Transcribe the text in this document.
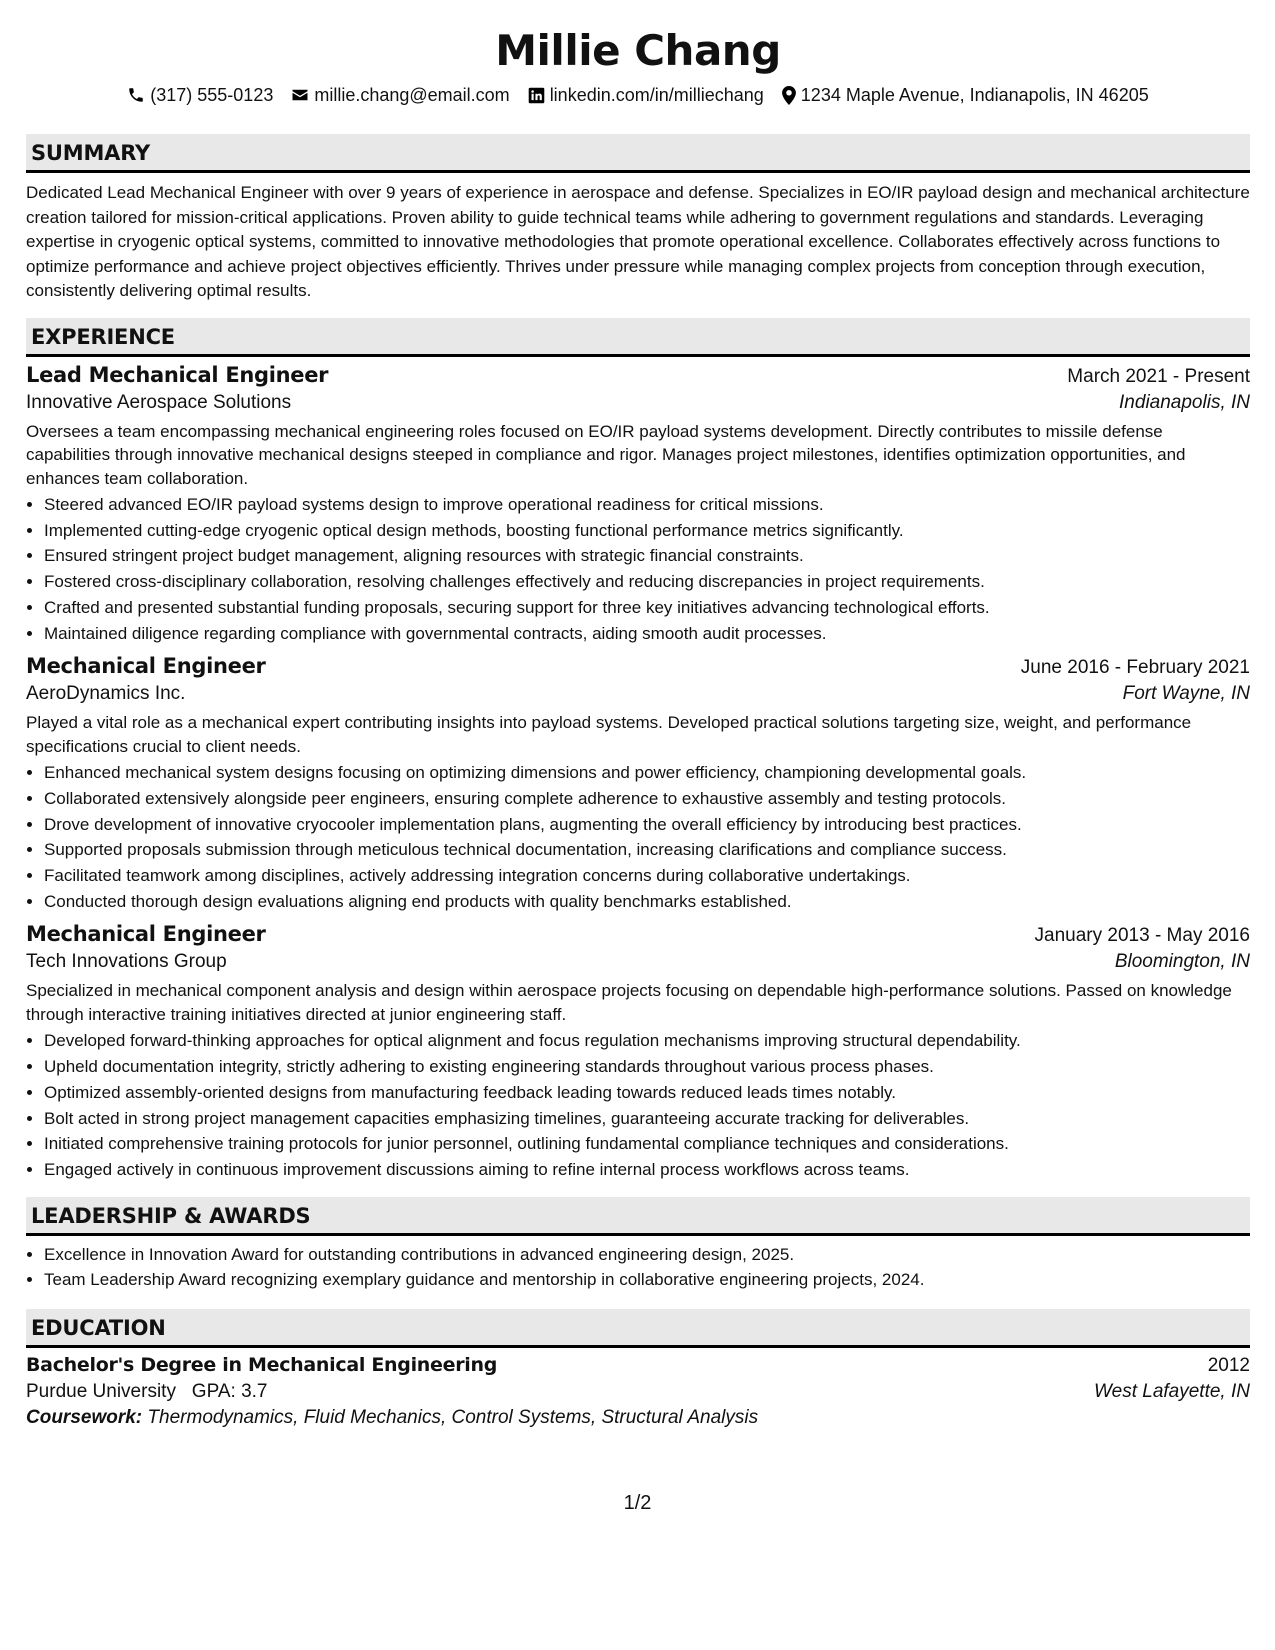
Millie Chang
(317) 555-0123 millie.chang@email.com linkedin.com/in/milliechang 1234 Maple Avenue, Indianapolis, IN 46205
SUMMARY
Dedicated Lead Mechanical Engineer with over 9 years of experience in aerospace and defense. Specializes in EO/IR payload design and mechanical architecture creation tailored for mission-critical applications. Proven ability to guide technical teams while adhering to government regulations and standards. Leveraging expertise in cryogenic optical systems, committed to innovative methodologies that promote operational excellence. Collaborates effectively across functions to optimize performance and achieve project objectives efficiently. Thrives under pressure while managing complex projects from conception through execution, consistently delivering optimal results.
EXPERIENCE
Lead Mechanical Engineer	March 2021 - Present
Innovative Aerospace Solutions	Indianapolis, IN
Oversees a team encompassing mechanical engineering roles focused on EO/IR payload systems development. Directly contributes to missile defense capabilities through innovative mechanical designs steeped in compliance and rigor. Manages project milestones, identifies optimization opportunities, and enhances team collaboration.
• Steered advanced EO/IR payload systems design to improve operational readiness for critical missions.
• Implemented cutting-edge cryogenic optical design methods, boosting functional performance metrics significantly.
• Ensured stringent project budget management, aligning resources with strategic financial constraints.
• Fostered cross-disciplinary collaboration, resolving challenges effectively and reducing discrepancies in project requirements.
• Crafted and presented substantial funding proposals, securing support for three key initiatives advancing technological efforts.
• Maintained diligence regarding compliance with governmental contracts, aiding smooth audit processes.
Mechanical Engineer	June 2016 - February 2021
AeroDynamics Inc.	Fort Wayne, IN
Played a vital role as a mechanical expert contributing insights into payload systems. Developed practical solutions targeting size, weight, and performance specifications crucial to client needs.
• Enhanced mechanical system designs focusing on optimizing dimensions and power efficiency, championing developmental goals.
• Collaborated extensively alongside peer engineers, ensuring complete adherence to exhaustive assembly and testing protocols.
• Drove development of innovative cryocooler implementation plans, augmenting the overall efficiency by introducing best practices.
• Supported proposals submission through meticulous technical documentation, increasing clarifications and compliance success.
• Facilitated teamwork among disciplines, actively addressing integration concerns during collaborative undertakings.
• Conducted thorough design evaluations aligning end products with quality benchmarks established.
Mechanical Engineer	January 2013 - May 2016
Tech Innovations Group	Bloomington, IN
Specialized in mechanical component analysis and design within aerospace projects focusing on dependable high-performance solutions. Passed on knowledge through interactive training initiatives directed at junior engineering staff.
• Developed forward-thinking approaches for optical alignment and focus regulation mechanisms improving structural dependability.
• Upheld documentation integrity, strictly adhering to existing engineering standards throughout various process phases.
• Optimized assembly-oriented designs from manufacturing feedback leading towards reduced leads times notably.
• Bolt acted in strong project management capacities emphasizing timelines, guaranteeing accurate tracking for deliverables.
• Initiated comprehensive training protocols for junior personnel, outlining fundamental compliance techniques and considerations.
• Engaged actively in continuous improvement discussions aiming to refine internal process workflows across teams.
LEADERSHIP & AWARDS
• Excellence in Innovation Award for outstanding contributions in advanced engineering design, 2025.
• Team Leadership Award recognizing exemplary guidance and mentorship in collaborative engineering projects, 2024.
EDUCATION
Bachelor's Degree in Mechanical Engineering	2012
Purdue University GPA: 3.7	West Lafayette, IN
Coursework: Thermodynamics, Fluid Mechanics, Control Systems, Structural Analysis
1/2
